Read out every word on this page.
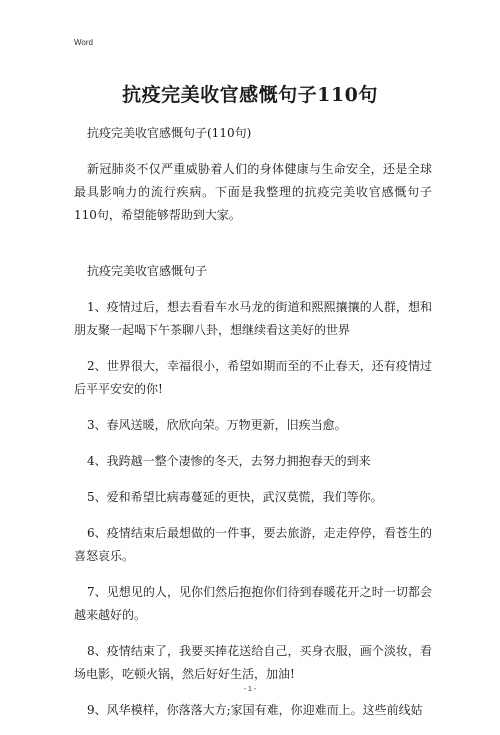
Word
抗疫完美收官感慨句子110句

抗疫完美收官感慨句子(110句)

新冠肺炎不仅严重威胁着人们的身体健康与生命安全，还是全球最具影响力的流行疾病。下面是我整理的抗疫完美收官感慨句子110句，希望能够帮助到大家。

抗疫完美收官感慨句子

1、疫情过后，想去看看车水马龙的街道和熙熙攘攘的人群，想和朋友聚一起喝下午茶聊八卦，想继续看这美好的世界

2、世界很大，幸福很小，希望如期而至的不止春天，还有疫情过后平平安安的你!

3、春风送暖，欣欣向荣。万物更新，旧疾当愈。

4、我跨越一整个凄惨的冬天，去努力拥抱春天的到来

5、爱和希望比病毒蔓延的更快，武汉莫慌，我们等你。

6、疫情结束后最想做的一件事，要去旅游，走走停停，看苍生的喜怒哀乐。

7、见想见的人，见你们然后抱抱你们待到春暖花开之时一切都会越来越好的。

8、疫情结束了，我要买捧花送给自己，买身衣服，画个淡妆，看场电影，吃顿火锅，然后好好生活，加油!

9、风华模样，你落落大方;家国有难，你迎难而上。这些前线姑

- 1 -
